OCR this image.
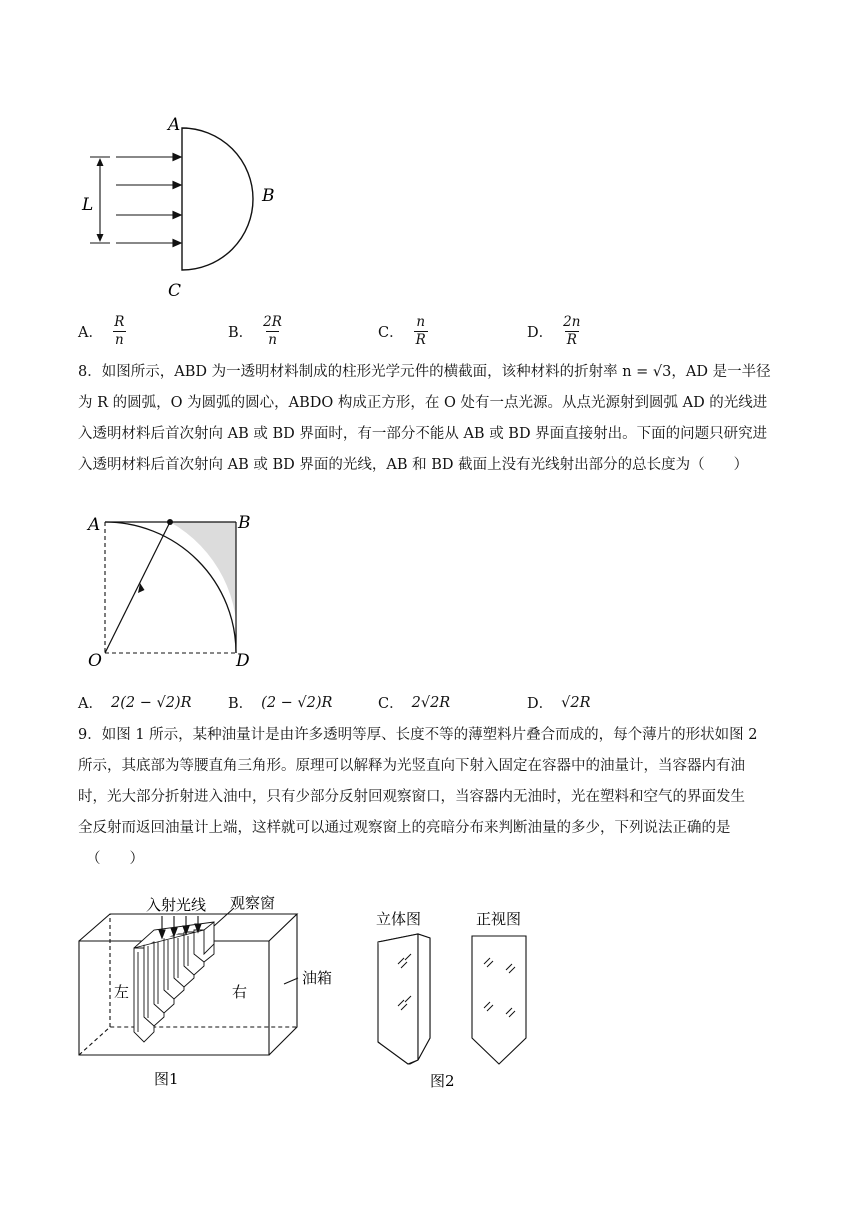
A
B
C
L
A． $\frac{R}{n}$	B． $\frac{2R}{n}$	C． $\frac{n}{R}$	D． $\frac{2n}{R}$
8．如图所示，ABD 为一透明材料制成的柱形光学元件的横截面，该种材料的折射率 n = √3，AD 是一半径
为 R 的圆弧，O 为圆弧的圆心，ABDO 构成正方形，在 O 处有一点光源。从点光源射到圆弧 AD 的光线进
入透明材料后首次射向 AB 或 BD 界面时，有一部分不能从 AB 或 BD 界面直接射出。下面的问题只研究进
入透明材料后首次射向 AB 或 BD 界面的光线，AB 和 BD 截面上没有光线射出部分的总长度为（　　）
A	B
O	D
A． 2(2 − √2)R	B． (2 − √2)R	C． 2√2R	D． √2R
9．如图 1 所示，某种油量计是由许多透明等厚、长度不等的薄塑料片叠合而成的，每个薄片的形状如图 2
所示，其底部为等腰直角三角形。原理可以解释为光竖直向下射入固定在容器中的油量计，当容器内有油
时，光大部分折射进入油中，只有少部分反射回观察窗口，当容器内无油时，光在塑料和空气的界面发生
全反射而返回油量计上端，这样就可以通过观察窗上的亮暗分布来判断油量的多少，下列说法正确的是
（　　）
入射光线 观察窗
左	右
油箱
图1
立体图	正视图
图2
